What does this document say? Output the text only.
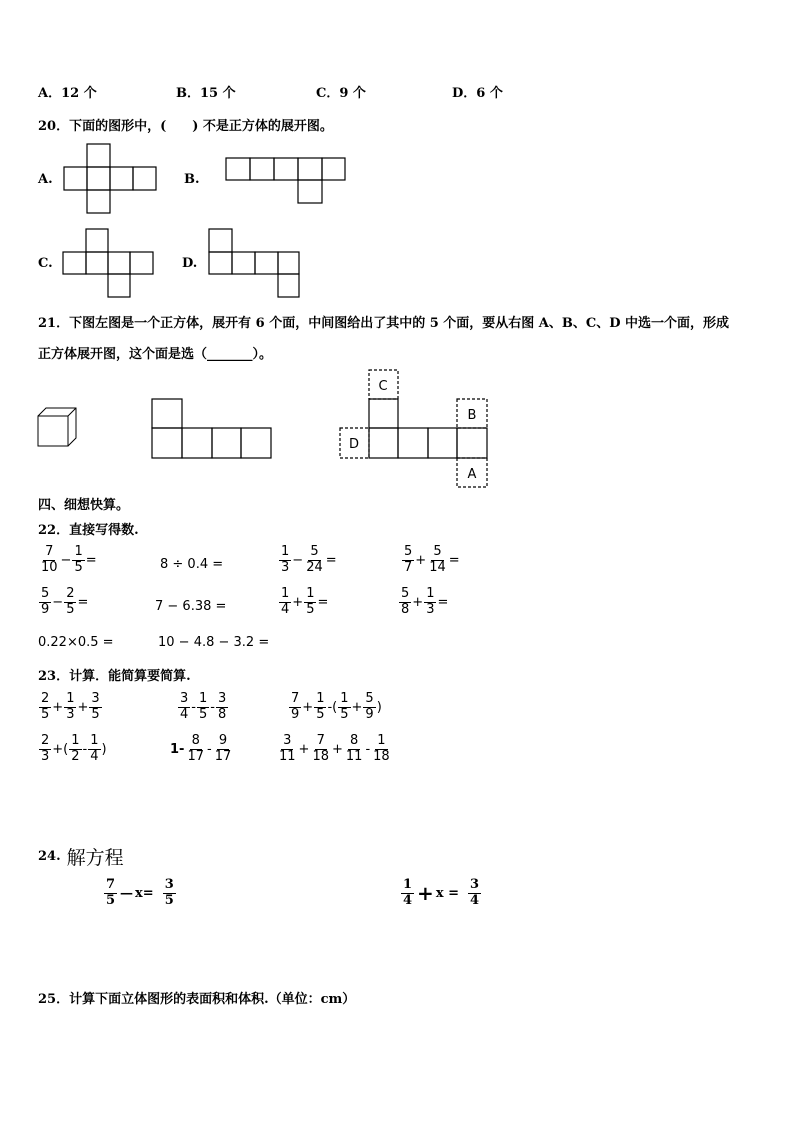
A．12 个	B．15 个	C．9 个	D．6 个
20．下面的图形中，(　　) 不是正方体的展开图。
A.	B.
C.	D.
C
B
D
A
21．下图左图是一个正方体，展开有 6 个面，中间图给出了其中的 5 个面，要从右图 A、B、C、D 中选一个面，形成
正方体展开图，这个面是选（_______）。
四、细想快算。
22．直接写得数.
$\frac{7}{10} - \frac{1}{5}$ =	8 ÷ 0.4 =	$\frac{1}{3} - \frac{5}{24}$ =	$\frac{5}{7} + \frac{5}{14}$ =
$\frac{5}{9} - \frac{2}{5}$ =	7 − 6.38 =	$\frac{1}{4} + \frac{1}{5}$ =	$\frac{5}{8} + \frac{1}{3}$ =
0.22×0.5 =	10 − 4.8 − 3.2 =
23．计算．能简算要简算.
$\frac{2}{5} + \frac{1}{3} + \frac{3}{5}$	$\frac{3}{4} - \frac{1}{5} - \frac{3}{8}$	$\frac{7}{9} + \frac{1}{5}$ -( $\frac{1}{5} + \frac{5}{9}$ )
$\frac{2}{3}$ +( $\frac{1}{2} - \frac{1}{4}$ )	$1- \frac{8}{17} - \frac{9}{17}$	$\frac{3}{11} + \frac{7}{18} + \frac{8}{11} - \frac{1}{18}$
24. 解方程
$\frac{7}{5}$ — $x= \frac{3}{5}$	$\frac{1}{4} + x = \frac{3}{4}$
25．计算下面立体图形的表面积和体积.（单位：cm）
